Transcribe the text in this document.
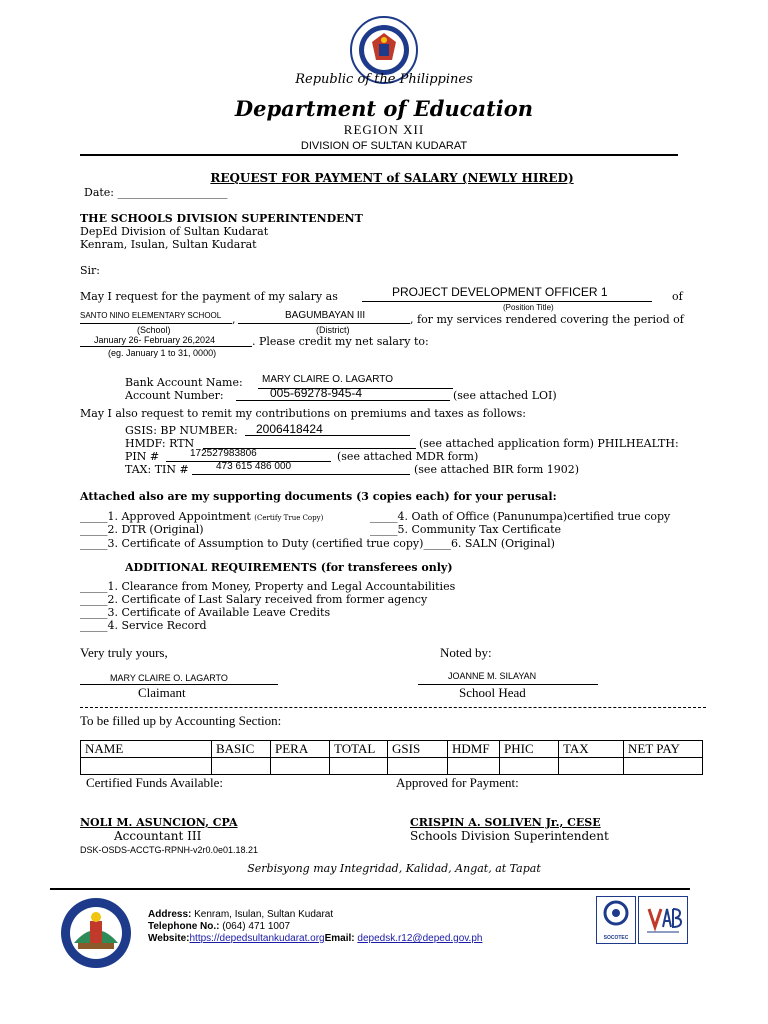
Republic of the Philippines
Department of Education
REGION XII
DIVISION OF SULTAN KUDARAT
REQUEST FOR PAYMENT of SALARY (NEWLY HIRED)
Date: ____________________
THE SCHOOLS DIVISION SUPERINTENDENT
DepEd Division of Sultan Kudarat
Kenram, Isulan, Sultan Kudarat
Sir:
May I request for the payment of my salary as	PROJECT DEVELOPMENT OFFICER 1	of
(Position Title)
SANTO NINO ELEMENTARY SCHOOL ,	BAGUMBAYAN III	, for my services rendered covering the period of
(School)	(District)
January 26- February 26,2024	. Please credit my net salary to:
(eg. January 1 to 31, 0000)
Bank Account Name: MARY CLAIRE O. LAGARTO
Account Number:	005-69278-945-4	(see attached LOI)
May I also request to remit my contributions on premiums and taxes as follows:
GSIS: BP NUMBER: 2006418424
HMDF: RTN	(see attached application form) PHILHEALTH:
PIN #	172527983806	(see attached MDR form)
TAX: TIN #	473 615 486 000	(see attached BIR form 1902)
Attached also are my supporting documents (3 copies each) for your perusal:
_____1. Approved Appointment (Certify True Copy)	_____4. Oath of Office (Panunumpa)certified true copy
_____2. DTR (Original)	_____5. Community Tax Certificate
_____3. Certificate of Assumption to Duty (certified true copy)_____6. SALN (Original)
ADDITIONAL REQUIREMENTS (for transferees only)
_____1. Clearance from Money, Property and Legal Accountabilities
_____2. Certificate of Last Salary received from former agency
_____3. Certificate of Available Leave Credits
_____4. Service Record
Very truly yours,	Noted by:
MARY CLAIRE O. LAGARTO
Claimant
JOANNE M. SILAYAN
School Head
To be filled up by Accounting Section:
NAME	BASIC	PERA	TOTAL	GSIS	HDMF	PHIC	TAX	NET PAY

Certified Funds Available:	Approved for Payment:
NOLI M. ASUNCION, CPA
Accountant III
CRISPIN A. SOLIVEN Jr., CESE
Schools Division Superintendent
DSK-OSDS-ACCTG-RPNH-v2r0.0e01.18.21
Serbisyong may Integridad, Kalidad, Angat, at Tapat
Address: Kenram, Isulan, Sultan Kudarat
Telephone No.: (064) 471 1007
Website:https://depedsultankudarat.orgEmail: depedsk.r12@deped.gov.ph	SOCOTEC
